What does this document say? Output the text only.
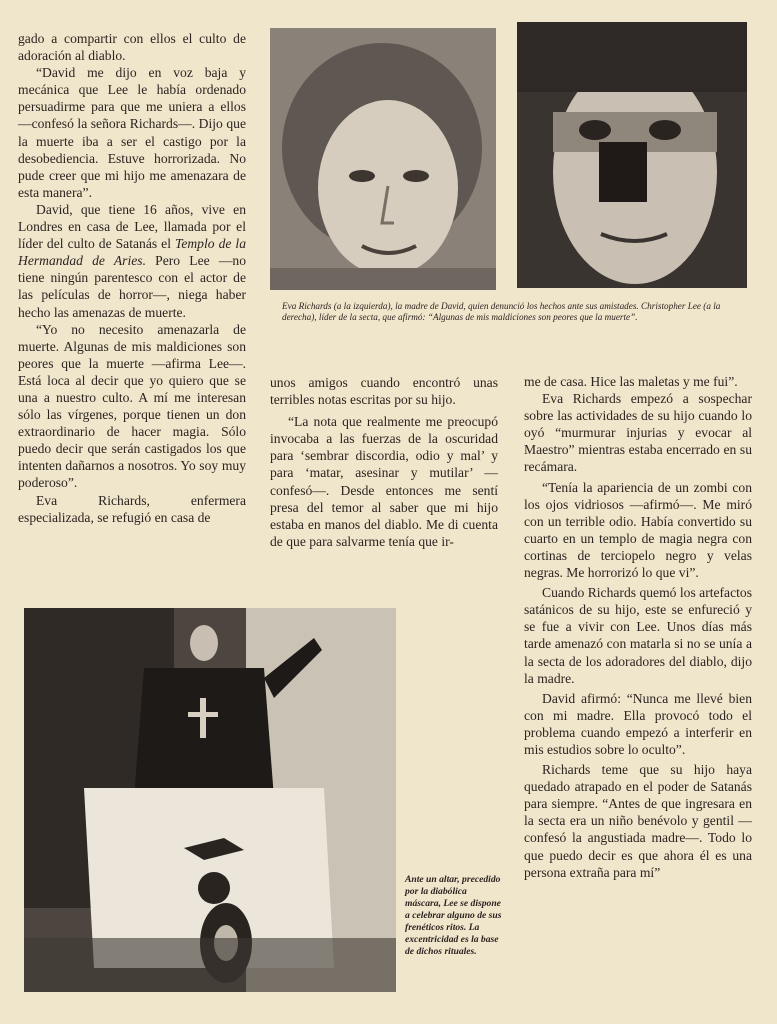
gado a compartir con ellos el culto de adoración al diablo.

“David me dijo en voz baja y mecánica que Lee le había ordenado persuadirme para que me uniera a ellos —confesó la señora Richards—. Dijo que la muerte iba a ser el castigo por la desobediencia. Estuve horrorizada. No pude creer que mi hijo me amenazara de esta manera”.

David, que tiene 16 años, vive en Londres en casa de Lee, llamada por el líder del culto de Satanás el Templo de la Hermandad de Aries. Pero Lee —no tiene ningún parentesco con el actor de las películas de horror—, niega haber hecho las amenazas de muerte.

“Yo no necesito amenazarla de muerte. Algunas de mis maldiciones son peores que la muerte —afirma Lee—. Está loca al decir que yo quiero que se una a nuestro culto. A mí me interesan sólo las vírgenes, porque tienen un don extraordinario de hacer magia. Sólo puedo decir que serán castigados los que intenten dañarnos a nosotros. Yo soy muy poderoso”.

Eva Richards, enfermera especializada, se refugió en casa de

Eva Richards (a la izquierda), la madre de David, quien denunció los hechos ante sus amistades. Christopher Lee (a la derecha), líder de la secta, que afirmó: “Algunas de mis maldiciones son peores que la muerte”.

unos amigos cuando encontró unas terribles notas escritas por su hijo.

“La nota que realmente me preocupó invocaba a las fuerzas de la oscuridad para ‘sembrar discordia, odio y mal’ y para ‘matar, asesinar y mutilar’ —confesó—. Desde entonces me sentí presa del temor al saber que mi hijo estaba en manos del diablo. Me di cuenta de que para salvarme tenía que ir-

me de casa. Hice las maletas y me fui”.

Eva Richards empezó a sospechar sobre las actividades de su hijo cuando lo oyó “murmurar injurias y evocar al Maestro” mientras estaba encerrado en su recámara.

“Tenía la apariencia de un zombi con los ojos vidriosos —afirmó—. Me miró con un terrible odio. Había convertido su cuarto en un templo de magia negra con cortinas de terciopelo negro y velas negras. Me horrorizó lo que vi”.

Cuando Richards quemó los artefactos satánicos de su hijo, este se enfureció y se fue a vivir con Lee. Unos días más tarde amenazó con matarla si no se unía a la secta de los adoradores del diablo, dijo la madre.

David afirmó: “Nunca me llevé bien con mi madre. Ella provocó todo el problema cuando empezó a interferir en mis estudios sobre lo oculto”.

Richards teme que su hijo haya quedado atrapado en el poder de Satanás para siempre. “Antes de que ingresara en la secta era un niño benévolo y gentil —confesó la angustiada madre—. Todo lo que puedo decir es que ahora él es una persona extraña para mí”

Ante un altar, precedido por la diabólica máscara, Lee se dispone a celebrar alguno de sus frenéticos ritos. La excentricidad es la base de dichos rituales.
